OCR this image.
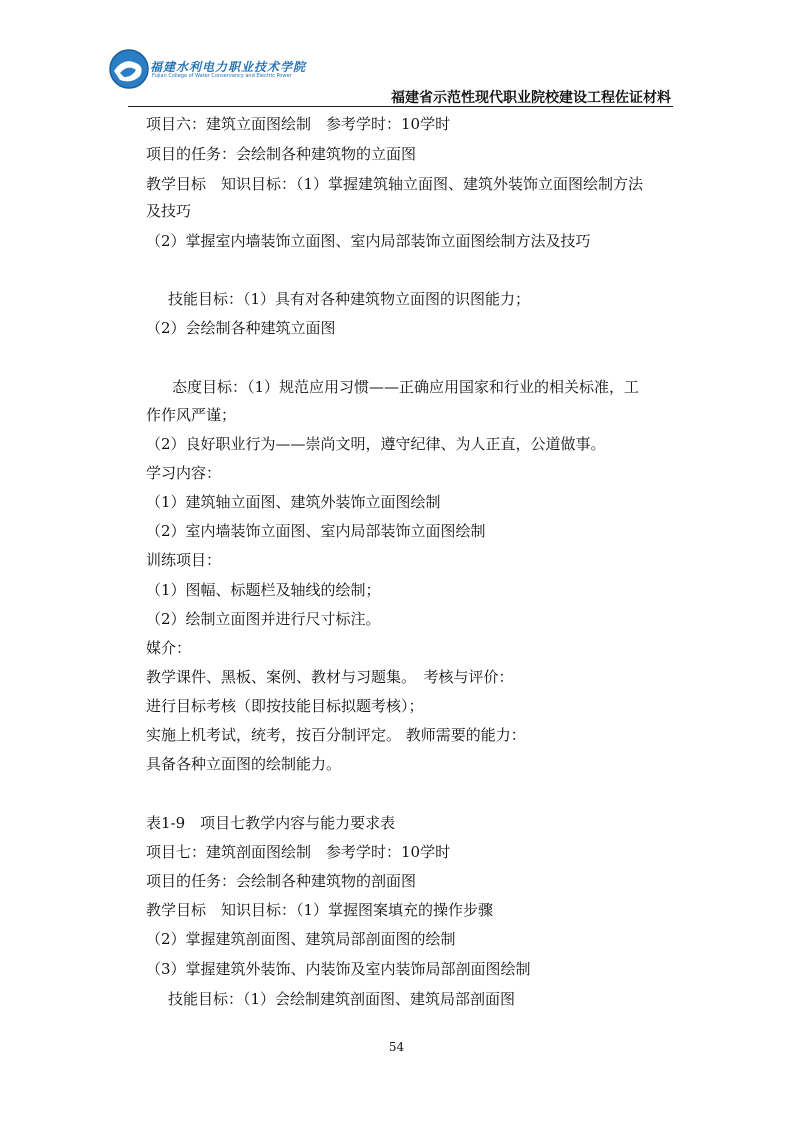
福建水利电力职业技术学院
Fujian College of Water Conservancy and Electric Power
福建省示范性现代职业院校建设工程佐证材料
项目六：建筑立面图绘制　参考学时：10学时
项目的任务：会绘制各种建筑物的立面图
教学目标　知识目标：（1）掌握建筑轴立面图、建筑外装饰立面图绘制方法
及技巧
（2）掌握室内墙装饰立面图、室内局部装饰立面图绘制方法及技巧
技能目标：（1）具有对各种建筑物立面图的识图能力；
（2）会绘制各种建筑立面图
态度目标：（1）规范应用习惯——正确应用国家和行业的相关标准，工
作作风严谨；
（2）良好职业行为——崇尚文明，遵守纪律、为人正直，公道做事。
学习内容：
（1）建筑轴立面图、建筑外装饰立面图绘制
（2）室内墙装饰立面图、室内局部装饰立面图绘制
训练项目：
（1）图幅、标题栏及轴线的绘制；
（2）绘制立面图并进行尺寸标注。
媒介：
教学课件、黑板、案例、教材与习题集。　考核与评价：
进行目标考核（即按技能目标拟题考核）；
实施上机考试，统考，按百分制评定。 教师需要的能力：
具备各种立面图的绘制能力。
表1-9　项目七教学内容与能力要求表
项目七：建筑剖面图绘制　参考学时：10学时
项目的任务：会绘制各种建筑物的剖面图
教学目标　知识目标：（1）掌握图案填充的操作步骤
（2）掌握建筑剖面图、建筑局部剖面图的绘制
（3）掌握建筑外装饰、内装饰及室内装饰局部剖面图绘制
技能目标：（1）会绘制建筑剖面图、建筑局部剖面图
54
